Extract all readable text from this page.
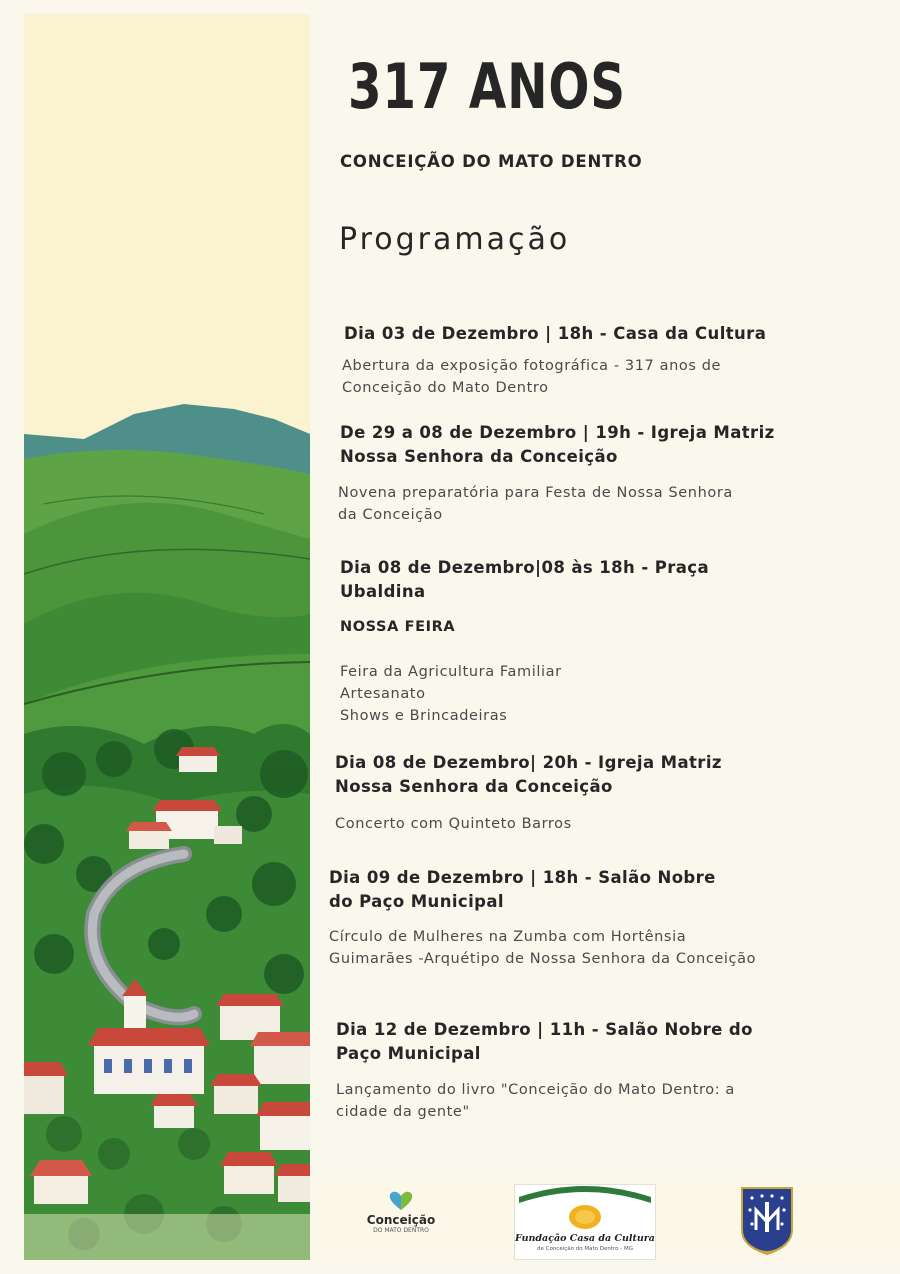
317 ANOS
CONCEIÇÃO DO MATO DENTRO
Programação
Dia 03 de Dezembro | 18h - Casa da Cultura
Abertura da exposição fotográfica - 317 anos de
Conceição do Mato Dentro
De 29 a 08 de Dezembro | 19h - Igreja Matriz
Nossa Senhora da Conceição
Novena preparatória para Festa de Nossa Senhora
da Conceição
Dia 08 de Dezembro|08 às 18h - Praça
Ubaldina
NOSSA FEIRA
Feira da Agricultura Familiar
Artesanato
Shows e Brincadeiras
Dia 08 de Dezembro| 20h - Igreja Matriz
Nossa Senhora da Conceição
Concerto com Quinteto Barros
Dia 09 de Dezembro | 18h - Salão Nobre
do Paço Municipal
Círculo de Mulheres na Zumba com Hortênsia
Guimarães -Arquétipo de Nossa Senhora da Conceição
Dia 12 de Dezembro | 11h - Salão Nobre do
Paço Municipal
Lançamento do livro "Conceição do Mato Dentro: a
cidade da gente"
Conceição
DO MATO DENTRO
Fundação Casa da Cultura
de Conceição do Mato Dentro - MG
